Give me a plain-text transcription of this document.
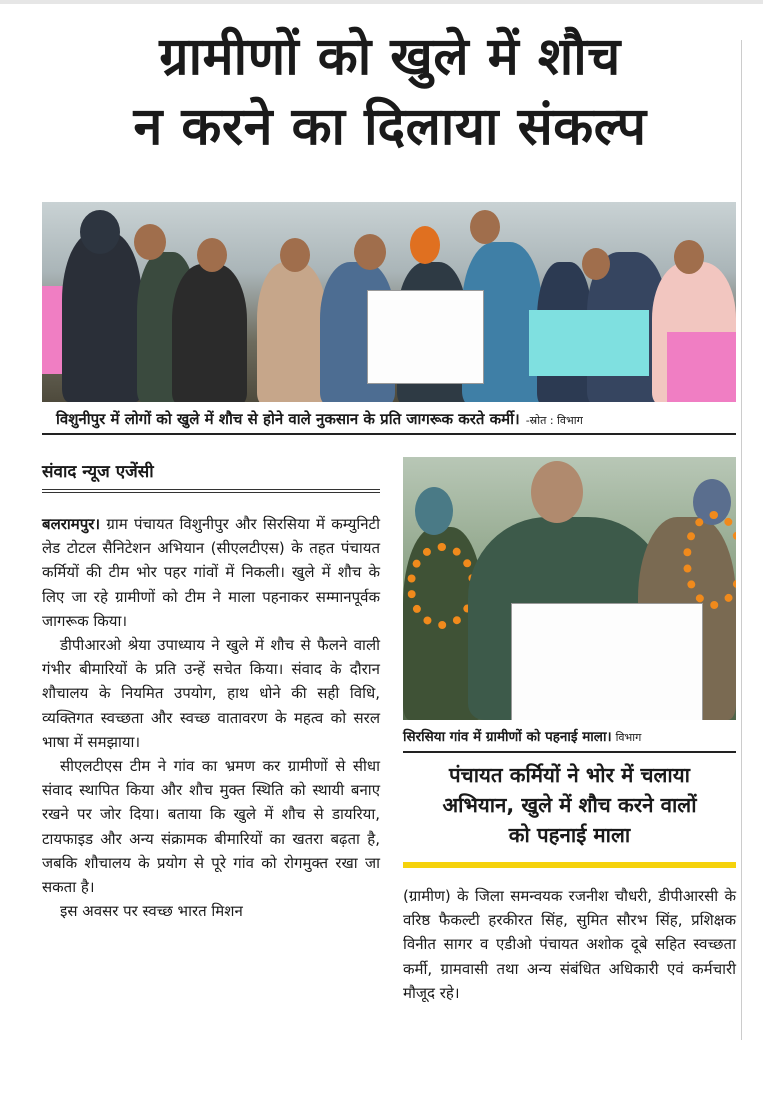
ग्रामीणों को खुले में शौच
न करने का दिलाया संकल्प
विशुनीपुर में लोगों को खुले में शौच से होने वाले नुकसान के प्रति जागरूक करते कर्मी। -स्रोत : विभाग
संवाद न्यूज एजेंसी

बलरामपुर। ग्राम पंचायत विशुनीपुर और सिरसिया में कम्युनिटी लेड टोटल सैनिटेशन अभियान (सीएलटीएस) के तहत पंचायत कर्मियों की टीम भोर पहर गांवों में निकली। खुले में शौच के लिए जा रहे ग्रामीणों को टीम ने माला पहनाकर सम्मानपूर्वक जागरूक किया।

डीपीआरओ श्रेया उपाध्याय ने खुले में शौच से फैलने वाली गंभीर बीमारियों के प्रति उन्हें सचेत किया। संवाद के दौरान शौचालय के नियमित उपयोग, हाथ धोने की सही विधि, व्यक्तिगत स्वच्छता और स्वच्छ वातावरण के महत्व को सरल भाषा में समझाया।

सीएलटीएस टीम ने गांव का भ्रमण कर ग्रामीणों से सीधा संवाद स्थापित किया और शौच मुक्त स्थिति को स्थायी बनाए रखने पर जोर दिया। बताया कि खुले में शौच से डायरिया, टायफाइड और अन्य संक्रामक बीमारियों का खतरा बढ़ता है, जबकि शौचालय के प्रयोग से पूरे गांव को रोगमुक्त रखा जा सकता है।

इस अवसर पर स्वच्छ भारत मिशन

सिरसिया गांव में ग्रामीणों को पहनाई माला। विभाग
पंचायत कर्मियों ने भोर में चलाया
अभियान, खुले में शौच करने वालों
को पहनाई माला

(ग्रामीण) के जिला समन्वयक रजनीश चौधरी, डीपीआरसी के वरिष्ठ फैकल्टी हरकीरत सिंह, सुमित सौरभ सिंह, प्रशिक्षक विनीत सागर व एडीओ पंचायत अशोक दूबे सहित स्वच्छता कर्मी, ग्रामवासी तथा अन्य संबंधित अधिकारी एवं कर्मचारी मौजूद रहे।
